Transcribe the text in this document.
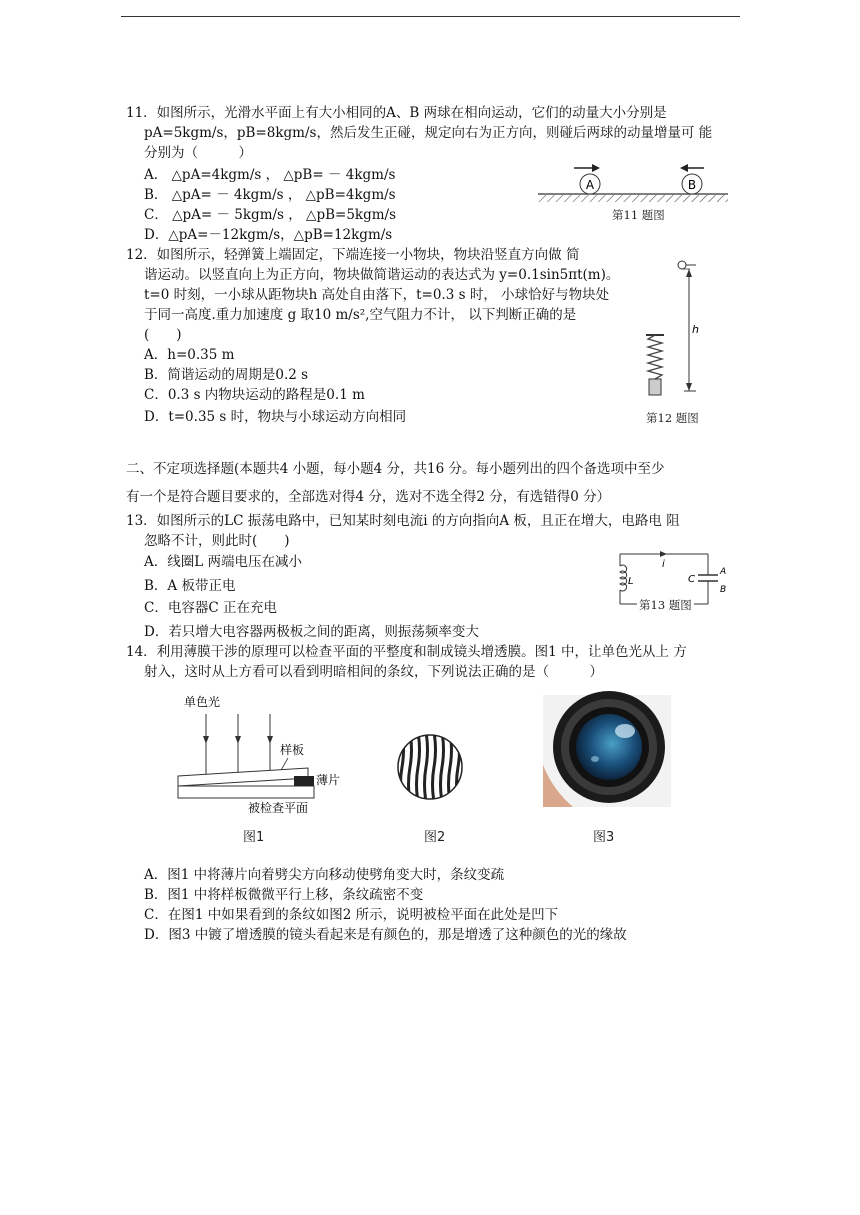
11．如图所示，光滑水平面上有大小相同的A、B 两球在相向运动，它们的动量大小分别是
pA=5kgm/s，pB=8kgm/s，然后发生正碰，规定向右为正方向，则碰后两球的动量增量可 能
分别为（　　　）
A． △pA=4kgm/s ， △pB= － 4kgm/s
B． △pA= － 4kgm/s ， △pB=4kgm/s
C． △pA= － 5kgm/s ， △pB=5kgm/s
D．△pA=－12kgm/s，△pB=12kgm/s
A	B
第11 题图
12．如图所示，轻弹簧上端固定，下端连接一小物块，物块沿竖直方向做 简
谐运动。以竖直向上为正方向，物块做简谐运动的表达式为 y=0.1sin5πt(m)。
t=0 时刻，一小球从距物块h 高处自由落下，t=0.3 s 时， 小球恰好与物块处
于同一高度.重力加速度 g 取10 m/s²,空气阻力不计， 以下判断正确的是
(　　)
A．h=0.35 m
B．简谐运动的周期是0.2 s
C．0.3 s 内物块运动的路程是0.1 m
D．t=0.35 s 时，物块与小球运动方向相同
h
第12 题图
二、不定项选择题(本题共4 小题，每小题4 分，共16 分。每小题列出的四个备选项中至少
有一个是符合题目要求的，全部选对得4 分，选对不选全得2 分，有选错得0 分）
13．如图所示的LC 振荡电路中，已知某时刻电流i 的方向指向A 板，且正在增大，电路电 阻
忽略不计，则此时(　　)
A．线圈L 两端电压在减小
B．A 板带正电
C．电容器C 正在充电
D．若只增大电容器两极板之间的距离，则振荡频率变大
i
L	C
A
B
第13 题图
14．利用薄膜干涉的原理可以检查平面的平整度和制成镜头增透膜。图1 中，让单色光从上 方
射入，这时从上方看可以看到明暗相间的条纹，下列说法正确的是（　　　）
单色光
样板
薄片
被检查平面
图1	图2	图3
A．图1 中将薄片向着劈尖方向移动使劈角变大时，条纹变疏
B．图1 中将样板微微平行上移，条纹疏密不变
C．在图1 中如果看到的条纹如图2 所示，说明被检平面在此处是凹下
D．图3 中镀了增透膜的镜头看起来是有颜色的，那是增透了这种颜色的光的缘故
